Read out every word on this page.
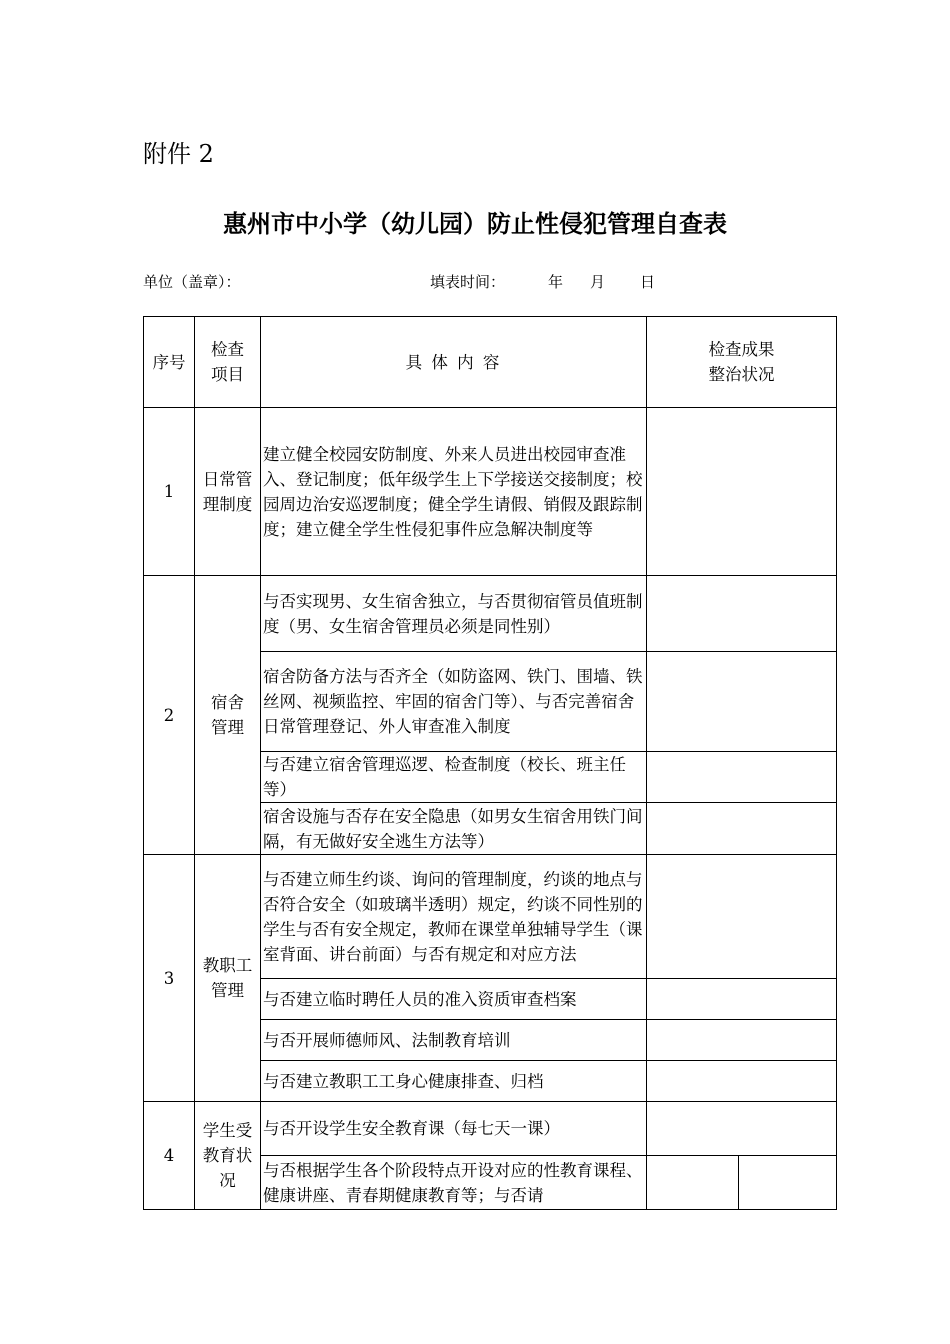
附件 2
惠州市中小学（幼儿园）防止性侵犯管理自查表
单位（盖章）：	填表时间：	年 月 日
序号	检查项目	具 体 内 容	检查成果整治状况	
1	日常管理制度	建立健全校园安防制度、外来人员进出校园审查准入、登记制度；低年级学生上下学接送交接制度；校园周边治安巡逻制度；健全学生请假、销假及跟踪制度；建立健全学生性侵犯事件应急解决制度等		
2	宿舍管理	与否实现男、女生宿舍独立，与否贯彻宿管员值班制度（男、女生宿舍管理员必须是同性别）		
		宿舍防备方法与否齐全（如防盗网、铁门、围墙、铁丝网、视频监控、牢固的宿舍门等）、与否完善宿舍日常管理登记、外人审查准入制度		
		与否建立宿舍管理巡逻、检查制度（校长、班主任等）		
		宿舍设施与否存在安全隐患（如男女生宿舍用铁门间隔，有无做好安全逃生方法等）		
3	教职工管理	与否建立师生约谈、询问的管理制度，约谈的地点与否符合安全（如玻璃半透明）规定，约谈不同性别的学生与否有安全规定，教师在课堂单独辅导学生（课室背面、讲台前面）与否有规定和对应方法		
		与否建立临时聘任人员的准入资质审查档案		
		与否开展师德师风、法制教育培训		
		与否建立教职工工身心健康排查、归档		
4	学生受教育状况	与否开设学生安全教育课（每七天一课）		
		与否根据学生各个阶段特点开设对应的性教育课程、健康讲座、青春期健康教育等；与否请		
